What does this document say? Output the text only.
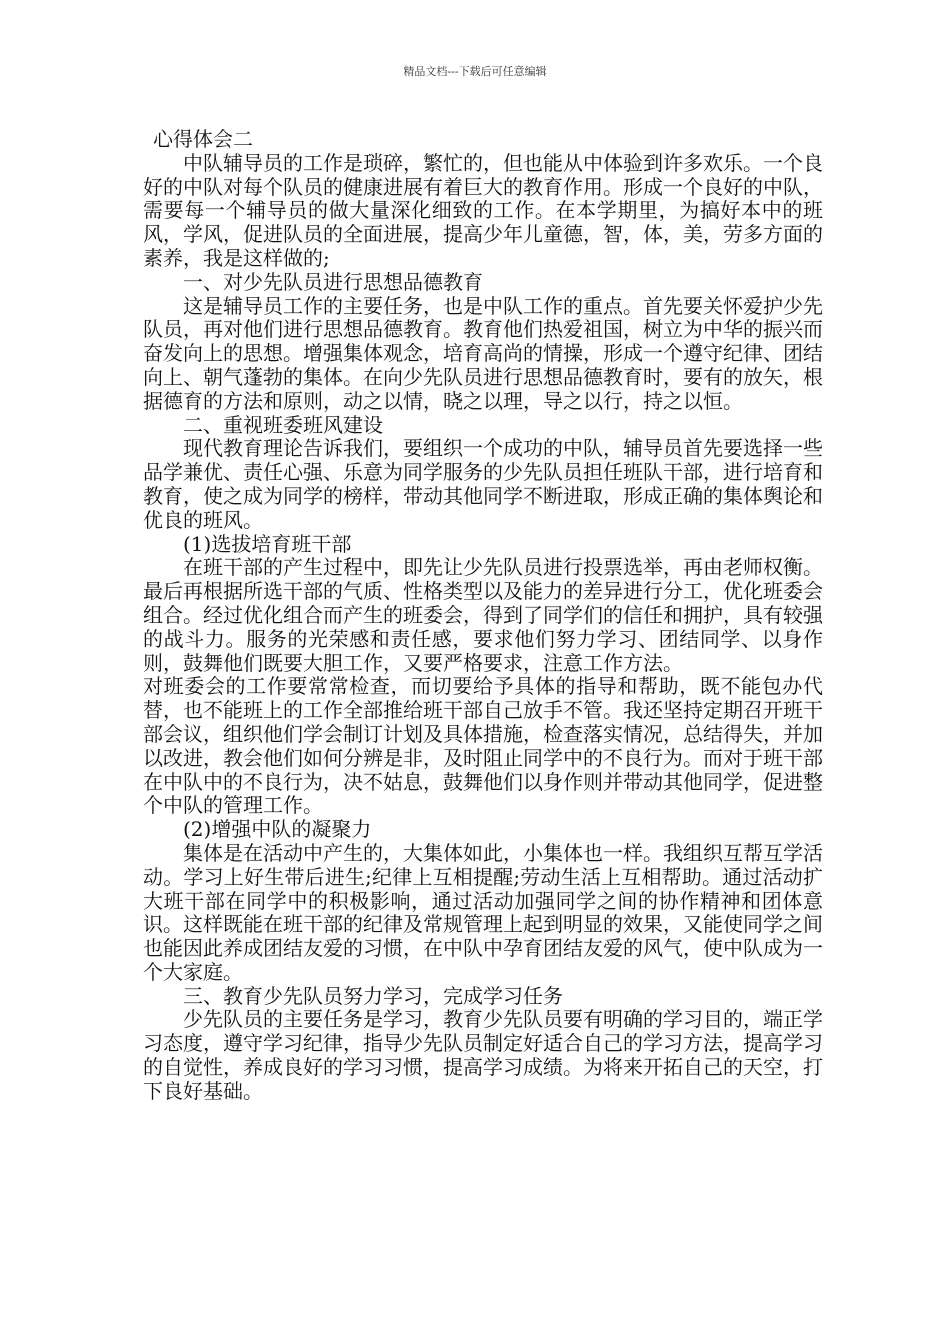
精品文档---下载后可任意编辑
心得体会二

中队辅导员的工作是琐碎，繁忙的，但也能从中体验到许多欢乐。一个良好的中队对每个队员的健康进展有着巨大的教育作用。形成一个良好的中队，需要每一个辅导员的做大量深化细致的工作。在本学期里，为搞好本中的班风，学风，促进队员的全面进展，提高少年儿童德，智，体，美，劳多方面的素养，我是这样做的;

一、对少先队员进行思想品德教育

这是辅导员工作的主要任务，也是中队工作的重点。首先要关怀爱护少先队员，再对他们进行思想品德教育。教育他们热爱祖国，树立为中华的振兴而奋发向上的思想。增强集体观念，培育高尚的情操，形成一个遵守纪律、团结向上、朝气蓬勃的集体。在向少先队员进行思想品德教育时，要有的放矢，根据德育的方法和原则，动之以情，晓之以理，导之以行，持之以恒。

二、重视班委班风建设

现代教育理论告诉我们，要组织一个成功的中队，辅导员首先要选择一些品学兼优、责任心强、乐意为同学服务的少先队员担任班队干部，进行培育和教育，使之成为同学的榜样，带动其他同学不断进取，形成正确的集体舆论和优良的班风。

(1)选拔培育班干部

在班干部的产生过程中，即先让少先队员进行投票选举，再由老师权衡。最后再根据所选干部的气质、性格类型以及能力的差异进行分工，优化班委会组合。经过优化组合而产生的班委会，得到了同学们的信任和拥护，具有较强的战斗力。服务的光荣感和责任感，要求他们努力学习、团结同学、以身作则，鼓舞他们既要大胆工作，又要严格要求，注意工作方法。

对班委会的工作要常常检查，而切要给予具体的指导和帮助，既不能包办代替，也不能班上的工作全部推给班干部自己放手不管。我还坚持定期召开班干部会议，组织他们学会制订计划及具体措施，检查落实情况，总结得失，并加以改进，教会他们如何分辨是非，及时阻止同学中的不良行为。而对于班干部在中队中的不良行为，决不姑息，鼓舞他们以身作则并带动其他同学，促进整个中队的管理工作。

(2)增强中队的凝聚力

集体是在活动中产生的，大集体如此，小集体也一样。我组织互帮互学活动。学习上好生带后进生;纪律上互相提醒;劳动生活上互相帮助。通过活动扩大班干部在同学中的积极影响，通过活动加强同学之间的协作精神和团体意识。这样既能在班干部的纪律及常规管理上起到明显的效果，又能使同学之间也能因此养成团结友爱的习惯，在中队中孕育团结友爱的风气，使中队成为一个大家庭。

三、教育少先队员努力学习，完成学习任务

少先队员的主要任务是学习，教育少先队员要有明确的学习目的，端正学习态度，遵守学习纪律，指导少先队员制定好适合自己的学习方法，提高学习的自觉性，养成良好的学习习惯，提高学习成绩。为将来开拓自己的天空，打下良好基础。
